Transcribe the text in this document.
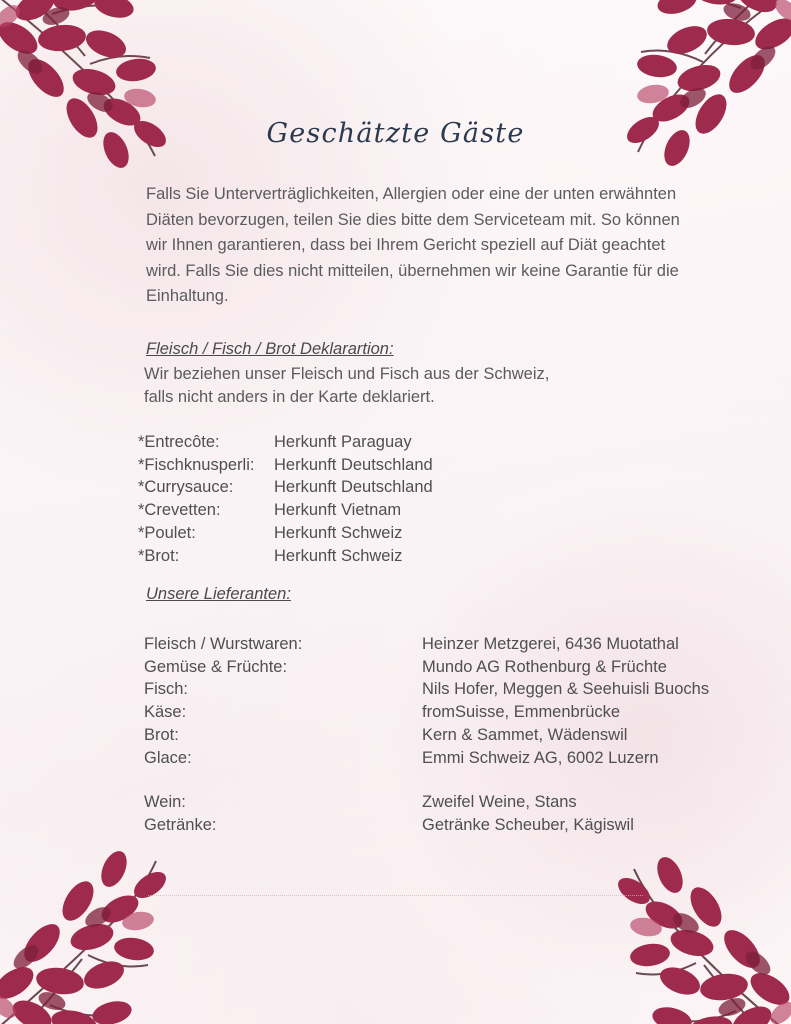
Geschätzte Gäste
Falls Sie Unterverträglichkeiten, Allergien oder eine der unten erwähnten Diäten bevorzugen, teilen Sie dies bitte dem Serviceteam mit. So können wir Ihnen garantieren, dass bei Ihrem Gericht speziell auf Diät geachtet wird. Falls Sie dies nicht mitteilen, übernehmen wir keine Garantie für die Einhaltung.
Fleisch / Fisch / Brot Deklarartion:
Wir beziehen unser Fleisch und Fisch aus der Schweiz,
falls nicht anders in der Karte deklariert.
*Entrecôte:	Herkunft Paraguay
*Fischknusperli:	Herkunft Deutschland
*Currysauce:	Herkunft Deutschland
*Crevetten:	Herkunft Vietnam
*Poulet:	Herkunft Schweiz
*Brot:	Herkunft Schweiz
Unsere Lieferanten:
Fleisch / Wurstwaren:	Heinzer Metzgerei, 6436 Muotathal
Gemüse & Früchte:	Mundo AG Rothenburg & Früchte
Fisch:	Nils Hofer, Meggen & Seehuisli Buochs
Käse:	fromSuisse, Emmenbrücke
Brot:	Kern & Sammet, Wädenswil
Glace:	Emmi Schweiz AG, 6002 Luzern
Wein:	Zweifel Weine, Stans
Getränke:	Getränke Scheuber, Kägiswil
